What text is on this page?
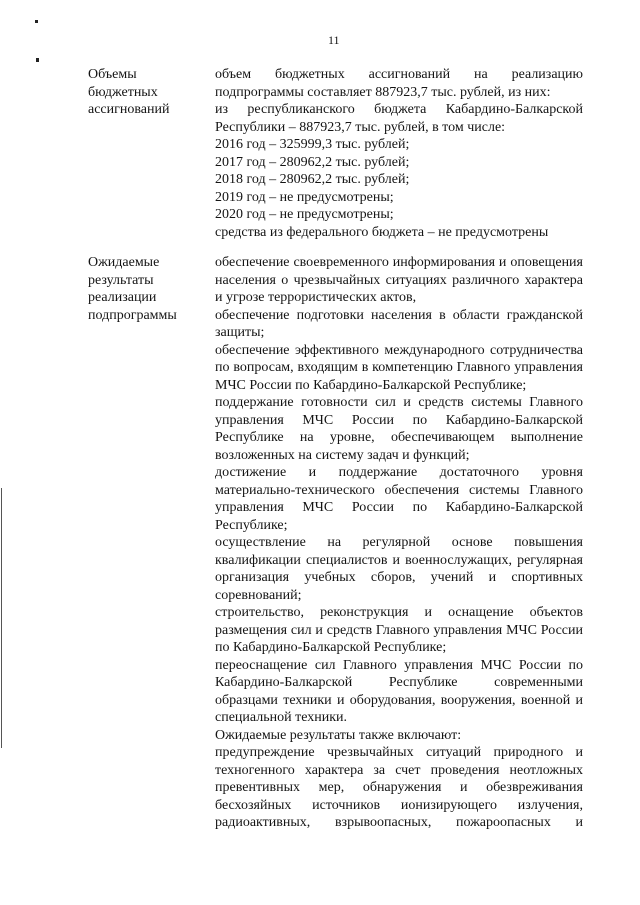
11
Объемы
бюджетных
ассигнований

объем бюджетных ассигнований на реализацию подпрограммы составляет 887923,7 тыс. рублей, из них:

из республиканского бюджета Кабардино-Балкарской Республики – 887923,7 тыс. рублей, в том числе:

2016 год – 325999,3 тыс. рублей;

2017 год – 280962,2 тыс. рублей;

2018 год – 280962,2 тыс. рублей;

2019 год – не предусмотрены;

2020 год – не предусмотрены;

средства из федерального бюджета – не предусмотрены

Ожидаемые
результаты
реализации
подпрограммы

обеспечение своевременного информирования и оповещения населения о чрезвычайных ситуациях различного характера и угрозе террористических актов,

обеспечение подготовки населения в области гражданской защиты;

обеспечение эффективного международного сотрудничества по вопросам, входящим в компетенцию Главного управления МЧС России по Кабардино-Балкарской Республике;

поддержание готовности сил и средств системы Главного управления МЧС России по Кабардино-Балкарской Республике на уровне, обеспечивающем выполнение возложенных на систему задач и функций;

достижение и поддержание достаточного уровня материально-технического обеспечения системы Главного управления МЧС России по Кабардино-Балкарской Республике;

осуществление на регулярной основе повышения квалификации специалистов и военнослужащих, регулярная организация учебных сборов, учений и спортивных соревнований;

строительство, реконструкция и оснащение объектов размещения сил и средств Главного управления МЧС России по Кабардино-Балкарской Республике;

переоснащение сил Главного управления МЧС России по Кабардино-Балкарской Республике современными образцами техники и оборудования, вооружения, военной и специальной техники.

Ожидаемые результаты также включают:

предупреждение чрезвычайных ситуаций природного и техногенного характера за счет проведения неотложных превентивных мер, обнаружения и обезвреживания бесхозяйных источников ионизирующего излучения, радиоактивных, взрывоопасных, пожароопасных и
